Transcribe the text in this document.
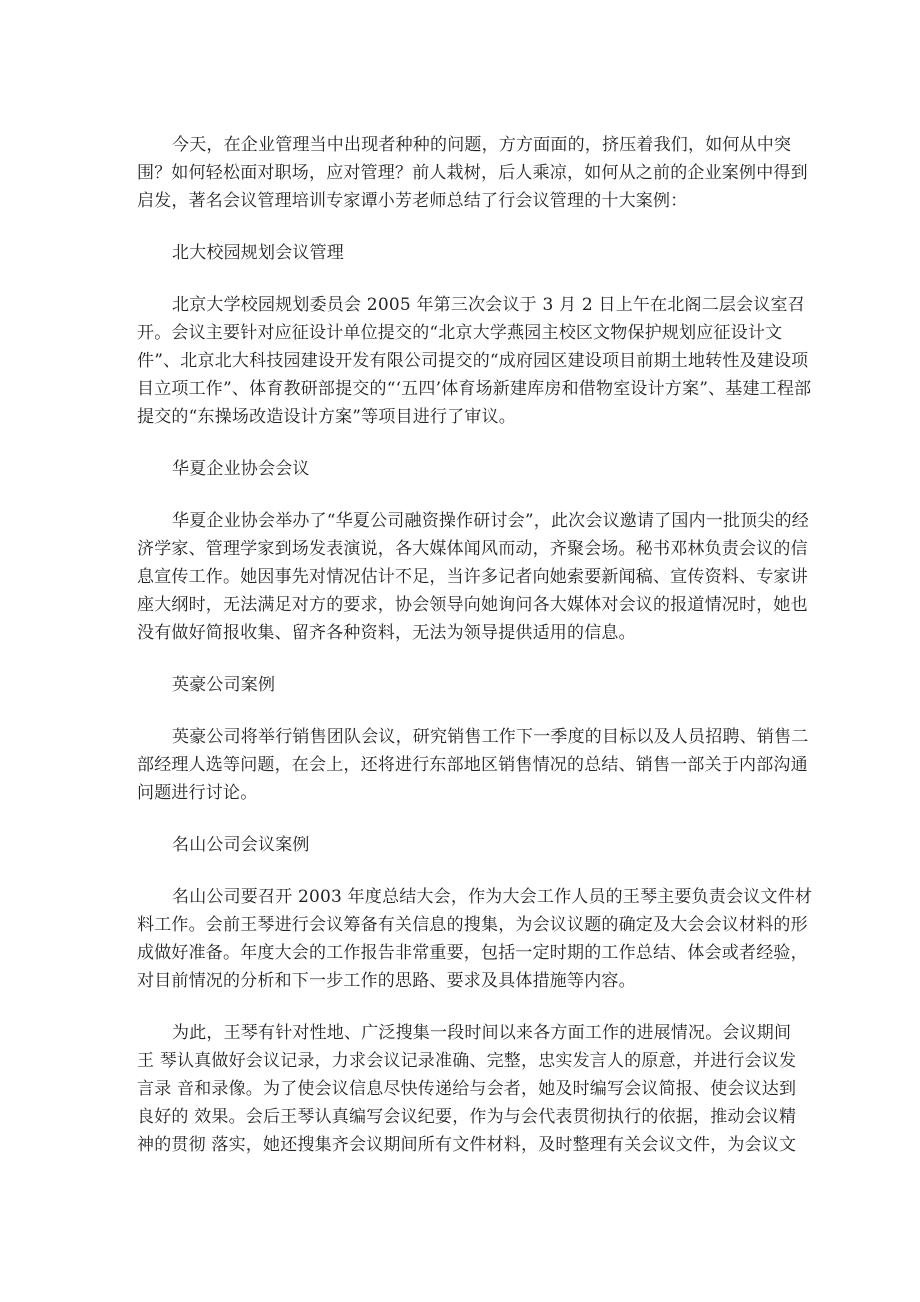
今天，在企业管理当中出现者种种的问题，方方面面的，挤压着我们，如何从中突
围？如何轻松面对职场，应对管理？前人栽树，后人乘凉，如何从之前的企业案例中得到
启发，著名会议管理培训专家谭小芳老师总结了行会议管理的十大案例：
北大校园规划会议管理
北京大学校园规划委员会 2005 年第三次会议于 3 月 2 日上午在北阁二层会议室召
开。会议主要针对应征设计单位提交的“北京大学燕园主校区文物保护规划应征设计文
件”、北京北大科技园建设开发有限公司提交的“成府园区建设项目前期土地转性及建设项
目立项工作”、体育教研部提交的“‘五四’体育场新建库房和借物室设计方案”、基建工程部
提交的“东操场改造设计方案”等项目进行了审议。
华夏企业协会会议
华夏企业协会举办了“华夏公司融资操作研讨会”，此次会议邀请了国内一批顶尖的经
济学家、管理学家到场发表演说，各大媒体闻风而动，齐聚会场。秘书邓林负责会议的信
息宣传工作。她因事先对情况估计不足，当许多记者向她索要新闻稿、宣传资料、专家讲
座大纲时，无法满足对方的要求，协会领导向她询问各大媒体对会议的报道情况时，她也
没有做好简报收集、留齐各种资料，无法为领导提供适用的信息。
英豪公司案例
英豪公司将举行销售团队会议，研究销售工作下一季度的目标以及人员招聘、销售二
部经理人选等问题，在会上，还将进行东部地区销售情况的总结、销售一部关于内部沟通
问题进行讨论。
名山公司会议案例
名山公司要召开 2003 年度总结大会，作为大会工作人员的王琴主要负责会议文件材
料工作。会前王琴进行会议筹备有关信息的搜集，为会议议题的确定及大会会议材料的形
成做好准备。年度大会的工作报告非常重要，包括一定时期的工作总结、体会或者经验，
对目前情况的分析和下一步工作的思路、要求及具体措施等内容。
为此，王琴有针对性地、广泛搜集一段时间以来各方面工作的进展情况。会议期间
王 琴认真做好会议记录，力求会议记录准确、完整，忠实发言人的原意，并进行会议发
言录 音和录像。为了使会议信息尽快传递给与会者，她及时编写会议简报、使会议达到
良好的 效果。会后王琴认真编写会议纪要，作为与会代表贯彻执行的依据，推动会议精
神的贯彻 落实，她还搜集齐会议期间所有文件材料，及时整理有关会议文件，为会议文
